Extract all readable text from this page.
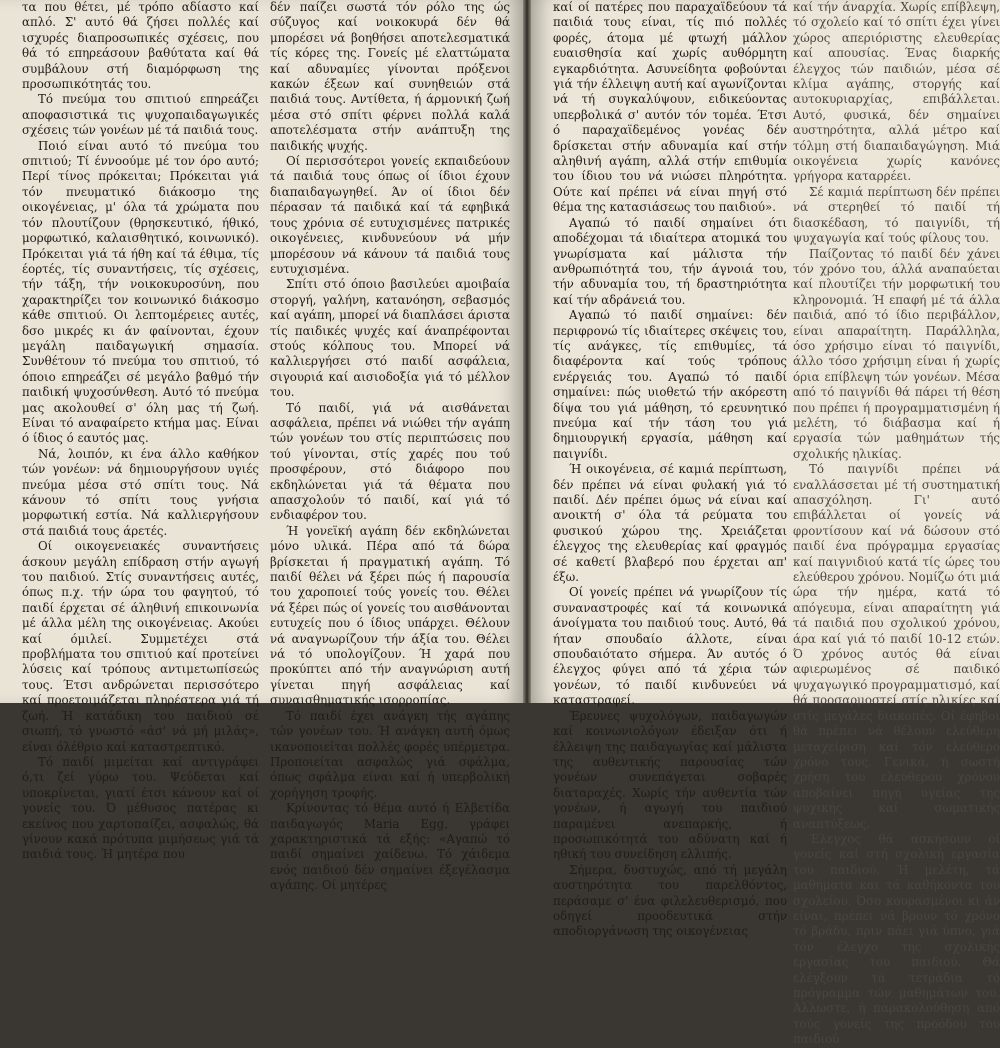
τα που θέτει, μέ τρόπο αδίαστο καί απλό. Σ' αυτό θά ζήσει πολλές καί ισχυρές διαπροσωπικές σχέσεις, που θά τό επηρεάσουν βαθύτατα καί θά συμβάλουν στή διαμόρφωση της προσωπικότητάς του.

Τό πνεύμα του σπιτιού επηρεάζει αποφασιστικά τις ψυχοπαιδαγωγικές σχέσεις τών γονέων μέ τά παιδιά τους.

Ποιό είναι αυτό τό πνεύμα του σπιτιού; Τί έννοούμε μέ τον όρο αυτό; Περί τίνος πρόκειται; Πρόκειται γιά τόν πνευματικό διάκοσμο της οικογένειας, μ' όλα τά χρώματα που τόν πλουτίζουν (θρησκευτικό, ήθικό, μορφωτικό, καλαισθητικό, κοινωνικό). Πρόκειται γιά τά ήθη καί τά έθιμα, τίς έορτές, τίς συναντήσεις, τίς σχέσεις, τήν τάξη, τήν νοικοκυροσύνη, που χαρακτηρίζει τον κοινωνικό διάκοσμο κάθε σπιτιού. Οι λεπτομέρειες αυτές, δσο μικρές κι άν φαίνονται, έχουν μεγάλη παιδαγωγική σημασία. Συνθέτουν τό πνεύμα του σπιτιού, τό όποιο επηρεάζει σέ μεγάλο βαθμό τήν παιδική ψυχοσύνθεση. Αυτό τό πνεύμα μας ακολουθεί σ' όλη μας τή ζωή. Είναι τό αναφαίρετο κτήμα μας. Είναι ό ίδιος ό εαυτός μας.

Νά, λοιπόν, κι ένα άλλο καθήκον τών γονέων: νά δημιουργήσουν υγιές πνεύμα μέσα στό σπίτι τους. Νά κάνουν τό σπίτι τους γνήσια μορφωτική εστία. Νά καλλιεργήσουν στά παιδιά τους άρετές.

Οί οικογενειακές συναντήσεις άσκουν μεγάλη επίδραση στήν αγωγή του παιδιού. Στίς συναντήσεις αυτές, όπως π.χ. τήν ώρα του φαγητού, τό παιδί έρχεται σέ άληθινή επικοινωνία μέ άλλα μέλη της οικογένειας. Ακούει καί όμιλεί. Συμμετέχει στά προβλήματα του σπιτιού καί προτείνει λύσεις καί τρόπους αντιμετωπίσεώς τους. Έτσι ανδρώνεται περισσότερο καί προετοιμάζεται πληρέστερα γιά τή ζωή. Ή κατάδικη του παιδιού σέ σιωπή, τό γνωστό «άσ' νά μή μιλάς», είναι όλέθριο καί καταστρεπτικό.

Τό παιδί μιμείται καί αντιγράφει ό,τι ζεί γύρω του. Ψεύδεται καί υποκρίνεται, γιατί έτσι κάνουν καί οί γονείς του. Ό μέθυσος πατέρας κι εκείνος που χαρτοπαίζει, ασφαλώς, θά γίνουν κακά πρότυπα μιμήσεως γιά τά παιδιά τους. Ή μητέρα που

δέν παίζει σωστά τόν ρόλο της ώς σύζυγος καί νοικοκυρά δέν θά μπορέσει νά βοηθήσει αποτελεσματικά τίς κόρες της. Γονείς μέ ελαττώματα καί αδυναμίες γίνονται πρόξενοι κακών έξεων καί συνηθειών στά παιδιά τους. Αντίθετα, ή άρμονική ζωή μέσα στό σπίτι φέρνει πολλά καλά αποτελέσματα στήν ανάπτυξη της παιδικής ψυχής.

Οί περισσότεροι γονείς εκπαιδεύουν τά παιδιά τους όπως οί ίδιοι έχουν διαπαιδαγωγηθεί. Άν οί ίδιοι δέν πέρασαν τά παιδικά καί τά εφηβικά τους χρόνια σέ ευτυχισμένες πατρικές οικογένειες, κινδυνεύουν νά μήν μπορέσουν νά κάνουν τά παιδιά τους ευτυχισμένα.

Σπίτι στό όποιο βασιλεύει αμοιβαία στοργή, γαλήνη, κατανόηση, σεβασμός καί αγάπη, μπορεί νά διαπλάσει άριστα τίς παιδικές ψυχές καί άναπρέφονται στούς κόλπους του. Μπορεί νά καλλιεργήσει στό παιδί ασφάλεια, σιγουριά καί αισιοδοξία γιά τό μέλλον του.

Τό παιδί, γιά νά αισθάνεται ασφάλεια, πρέπει νά νιώθει τήν αγάπη τών γονέων του στίς περιπτώσεις που τού γίνονται, στίς χαρές που τού προσφέρουν, στό διάφορο που εκδηλώνεται γιά τά θέματα που απασχολούν τό παιδί, καί γιά τό ενδιαφέρον του.

Ή γονεϊκή αγάπη δέν εκδηλώνεται μόνο υλικά. Πέρα από τά δώρα βρίσκεται ή πραγματική αγάπη. Τό παιδί θέλει νά ξέρει πώς ή παρουσία του χαροποιεί τούς γονείς του. Θέλει νά ξέρει πώς οί γονείς του αισθάνονται ευτυχείς που ό ίδιος υπάρχει. Θέλουν νά αναγνωρίζουν τήν άξία του. Θέλει νά τό υπολογίζουν. Ή χαρά που προκύπτει από τήν αναγνώριση αυτή γίνεται πηγή ασφάλειας καί συναισθηματικής ισορροπίας.

Τό παιδί έχει ανάγκη τής αγάπης τών γονέων του. Ή ανάγκη αυτή όμως ικανοποιείται πολλές φορές υπέρμετρα. Προποιείται ασφαλώς γιά σφάλμα, όπως σφάλμα είναι καί ή υπερβολική χορήγηση τροφής.

Κρίνοντας τό θέμα αυτό ή Ελβετίδα παιδαγωγός Maria Egg, γράφει χαρακτηριστικά τά εξής: «Αγαπώ τό παιδί σημαίνει χαίδευω. Τό χάιδεμα ενός παιδιού δέν σημαίνει έξεγέλασμα αγάπης. Οί μητέρες

καί οί πατέρες που παραχαϊδεύουν τά παιδιά τους είναι, τίς πιό πολλές φορές, άτομα μέ φτωχή μάλλον ευαισθησία καί χωρίς αυθόρμητη εγκαρδιότητα. Ασυνείδητα φοβούνται γιά τήν έλλειψη αυτή καί αγωνίζονται νά τή συγκαλύψουν, ειδικεύοντας υπερβολικά σ' αυτόν τόν τομέα. Έτσι ό παραχαϊδεμένος γονέας δέν δρίσκεται στήν αδυναμία καί στήν αληθινή αγάπη, αλλά στήν επιθυμία του ίδιου του νά νιώσει πληρότητα. Ούτε καί πρέπει νά είναι πηγή στό θέμα της κατασιάσεως του παιδιού».

Αγαπώ τό παιδί σημαίνει ότι αποδέχομαι τά ιδιαίτερα ατομικά του γνωρίσματα καί μάλιστα τήν ανθρωπιότητά του, τήν άγνοιά του, τήν αδυναμία του, τή δραστηριότητα καί τήν αδράνειά του.

Αγαπώ τό παιδί σημαίνει: δέν περιφρονώ τίς ιδιαίτερες σκέψεις του, τίς ανάγκες, τίς επιθυμίες, τά διαφέροντα καί τούς τρόπους ενέργειάς του. Αγαπώ τό παιδί σημαίνει: πώς υιοθετώ τήν ακόρεστη δίψα του γιά μάθηση, τό ερευνητικό πνεύμα καί τήν τάση του γιά δημιουργική εργασία, μάθηση καί παιγνίδι.

Ή οικογένεια, σέ καμιά περίπτωση, δέν πρέπει νά είναι φυλακή γιά τό παιδί. Δέν πρέπει όμως νά είναι καί ανοικτή σ' όλα τά ρεύματα του φυσικού χώρου της. Χρειάζεται έλεγχος της ελευθερίας καί φραγμός σέ καθετί βλαβερό που έρχεται απ' έξω.

Οί γονείς πρέπει νά γνωρίζουν τίς συναναστροφές καί τά κοινωνικά άνοίγματα του παιδιού τους. Αυτό, θά ήταν σπουδαίο άλλοτε, είναι σπουδαιότατο σήμερα. Άν αυτός ό έλεγχος φύγει από τά χέρια τών γονέων, τό παιδί κινδυνεύει νά καταστραφεί.

Έρευνες ψυχολόγων, παιδαγωγών καί κοινωνιολόγων έδειξαν ότι ή έλλειψη της παιδαγωγίας καί μάλιστα της αυθεντικής παρουσίας τών γονέων συνεπάγεται σοβαρές διαταραχές. Χωρίς τήν αυθεντία τών γονέων, ή αγωγή του παιδιού παραμένει ανεπαρκής, ή προσωπικότητά του αδύνατη καί ή ηθική του συνείδηση ελλιπής.

Σήμερα, δυστυχώς, από τή μεγάλη αυστηρότητα του παρελθόντος, περάσαμε σ' ένα φιλελευθερισμό, που οδηγεί προοδευτικά στήν αποδιοργάνωση της οικογένειας

καί τήν άναρχία. Χωρίς επίβλεψη, τό σχολείο καί τό σπίτι έχει γίνει χώρος απεριόριστης ελευθερίας καί απουσίας. Ένας διαρκής έλεγχος τών παιδιών, μέσα σέ κλίμα αγάπης, στοργής καί αυτοκυριαρχίας, επιβάλλεται. Αυτό, φυσικά, δέν σημαίνει αυστηρότητα, αλλά μέτρο καί τόλμη στή διαπαιδαγώγηση. Μιά οικογένεια χωρίς κανόνες γρήγορα καταρρέει.

Σέ καμιά περίπτωση δέν πρέπει νά στερηθεί τό παιδί τή διασκέδαση, τό παιγνίδι, τή ψυχαγωγία καί τούς φίλους του.

Παίζοντας τό παιδί δέν χάνει τόν χρόνο του, άλλά αναπαύεται καί πλουτίζει τήν μορφωτική του κληρονομιά. Ή επαφή μέ τά άλλα παιδιά, από τό ίδιο περιβάλλον, είναι απαραίτητη. Παράλληλα, όσο χρήσιμο είναι τό παιγνίδι, άλλο τόσο χρήσιμη είναι ή χωρίς όρια επίβλεψη τών γονέων. Μέσα από τό παιγνίδι θά πάρει τή θέση που πρέπει ή προγραμματισμένη ή μελέτη, τό διάβασμα καί ή εργασία τών μαθημάτων τής σχολικής ηλικίας.

Τό παιγνίδι πρέπει νά εναλλάσσεται μέ τή συστηματική απασχόληση. Γι' αυτό επιβάλλεται οί γονείς νά φροντίσουν καί νά δώσουν στό παιδί ένα πρόγραμμα εργασίας καί παιγνιδιού κατά τίς ώρες του ελεύθερου χρόνου. Νομίζω ότι μιά ώρα τήν ημέρα, κατά τό απόγευμα, είναι απαραίτητη γιά τά παιδιά που σχολικού χρόνου, άρα καί γιά τό παιδί 10-12 ετών. Ό χρόνος αυτός θά είναι αφιερωμένος σέ παιδικό ψυχαγωγικό προγραμματισμό, καί θά προσαρμοστεί στίς ηλικίες καί στίς μεγάλες διακοπές. Οί έφηβοι θά πρέπει νά θέλουν ελεύθερη μεταχείριση καί τόν ελεύθερο χρόνο τους. Γενικά, ή σωστή χρήση του ελεύθερου χρόνου αποβαίνει πηγή υγείας της ψυχικής καί σωματικής αναπτύξεως.

Έλεγχος θά ασκήσουν οί γονείς καί στή σχολική εργασία του παιδιού. Ή μελέτη, τά μαθήματα και τά καθήκοντα του σχολείου. Όσο κουρασμένοι κι άν είναι, πρέπει νά βρουν τό χρόνο τό βράδυ, πριν πάει γιά ύπνο, γιά τόν έλεγχο της σχολικής εργασίας του παιδιού. Θά ελέγξουν τά τετράδια τό πρόγραμμα τών μαθημάτων του. Άλλωστε, ή παρακολούθηση από τούς γονείς της προόδου του παιδιού
